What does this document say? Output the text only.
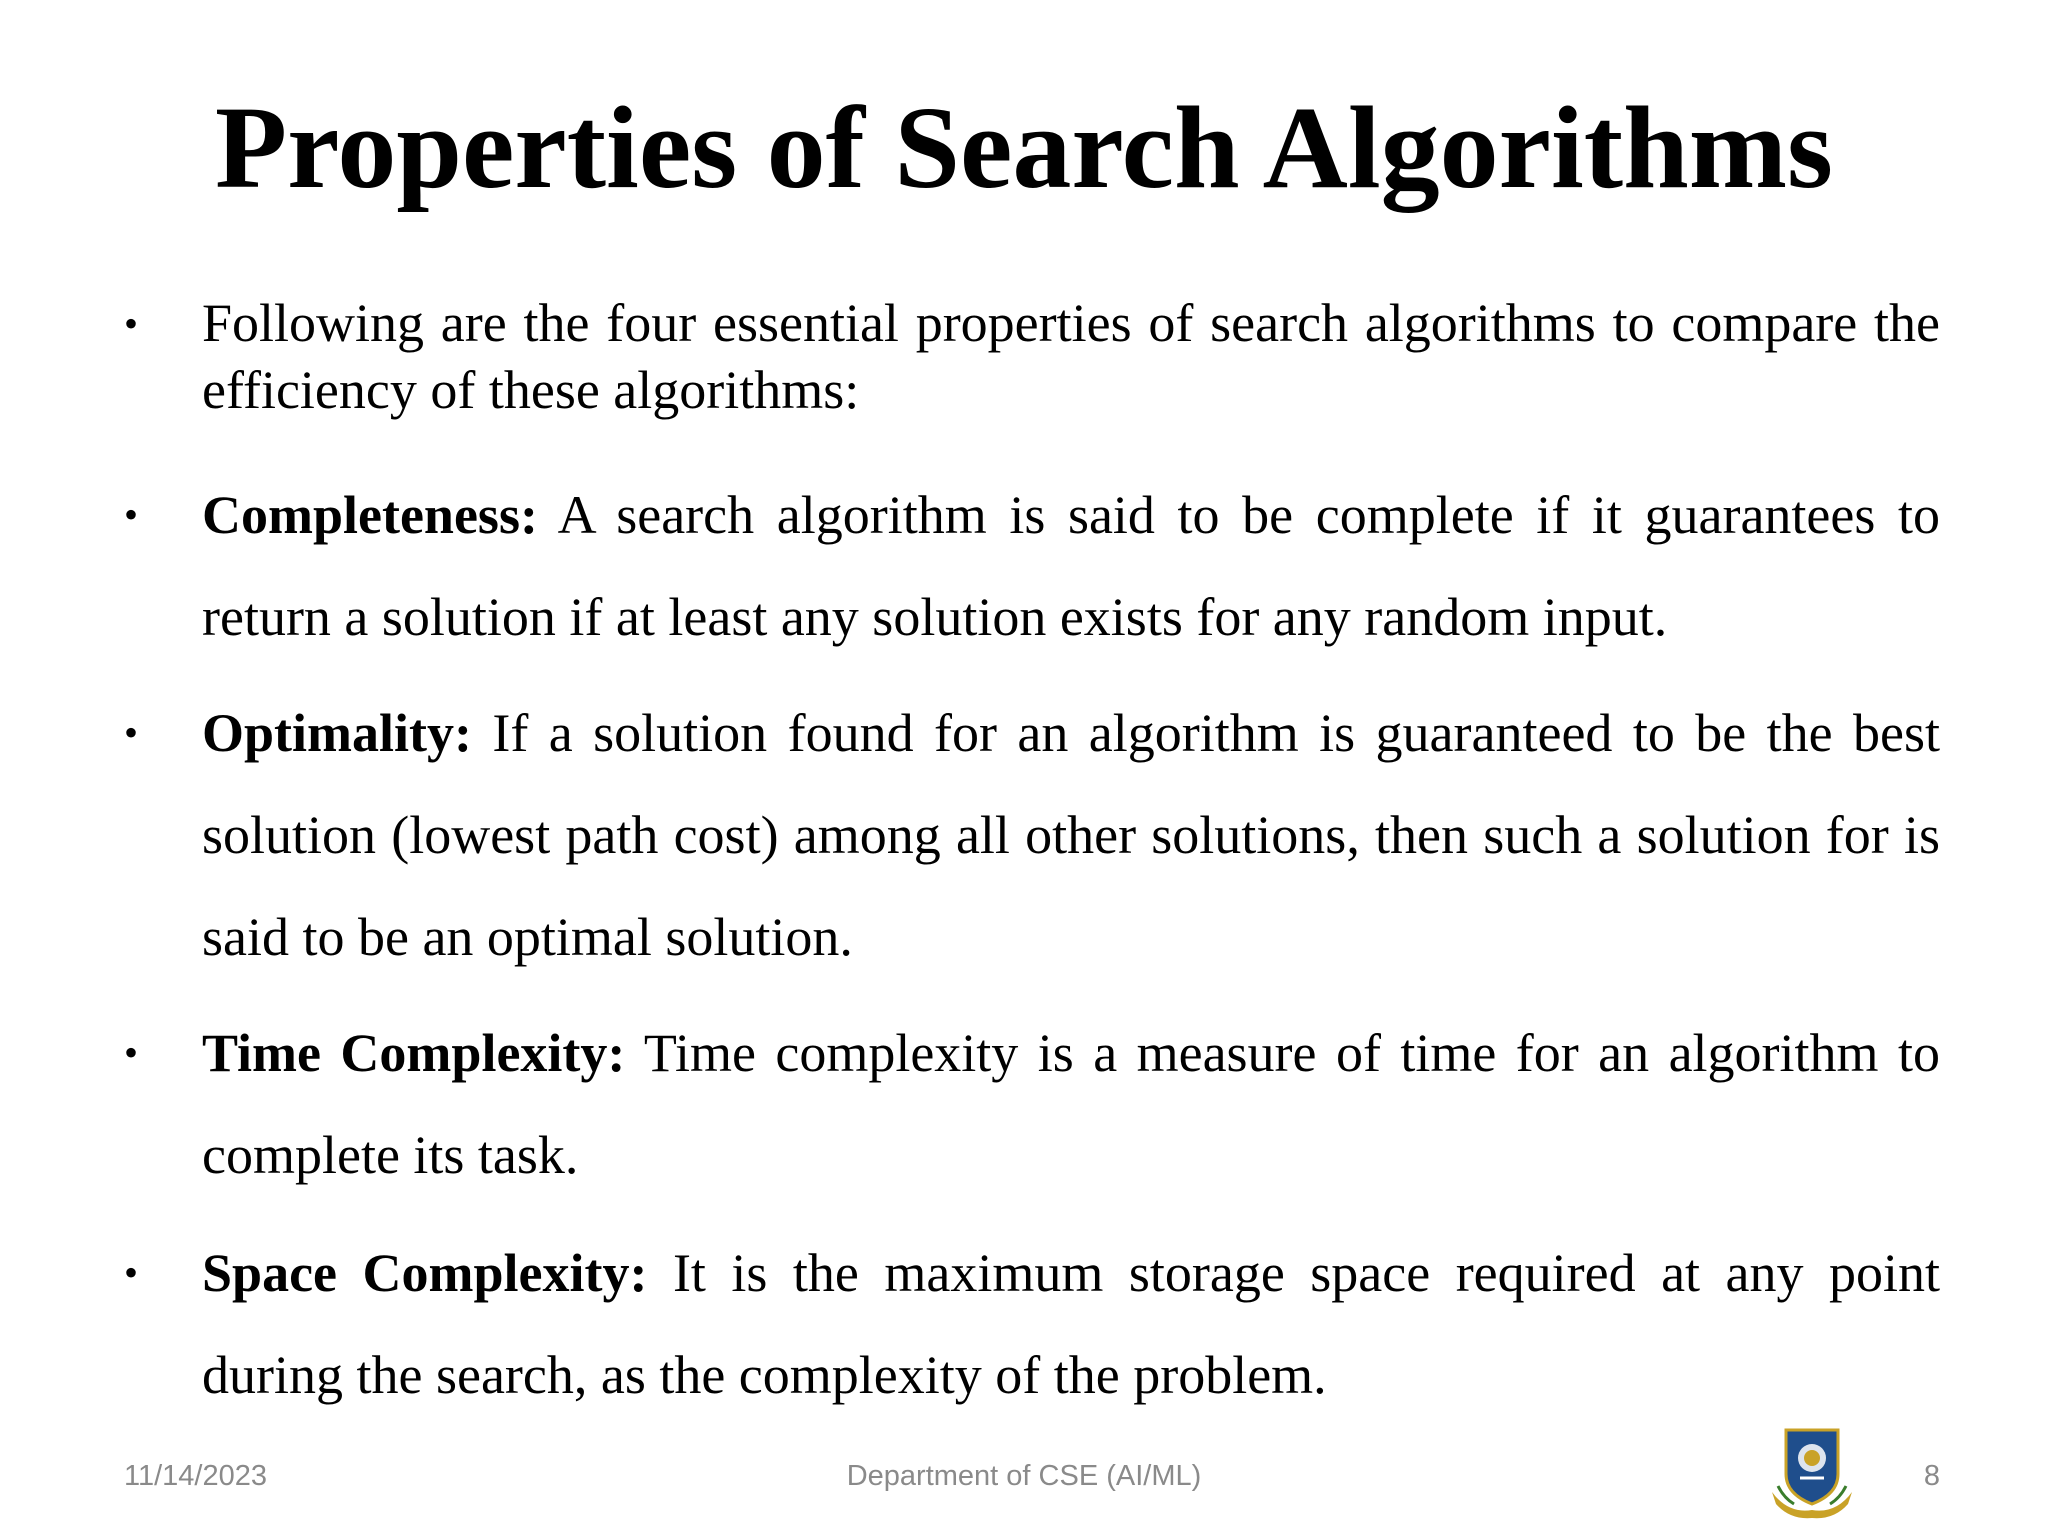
Properties of Search Algorithms
• Following are the four essential properties of search algorithms to compare the efficiency of these algorithms:
• Completeness: A search algorithm is said to be complete if it guarantees to return a solution if at least any solution exists for any random input.
• Optimality: If a solution found for an algorithm is guaranteed to be the best solution (lowest path cost) among all other solutions, then such a solution for is said to be an optimal solution.
• Time Complexity: Time complexity is a measure of time for an algorithm to complete its task.
• Space Complexity: It is the maximum storage space required at any point during the search, as the complexity of the problem.
11/14/2023	Department of CSE (AI/ML)	8
